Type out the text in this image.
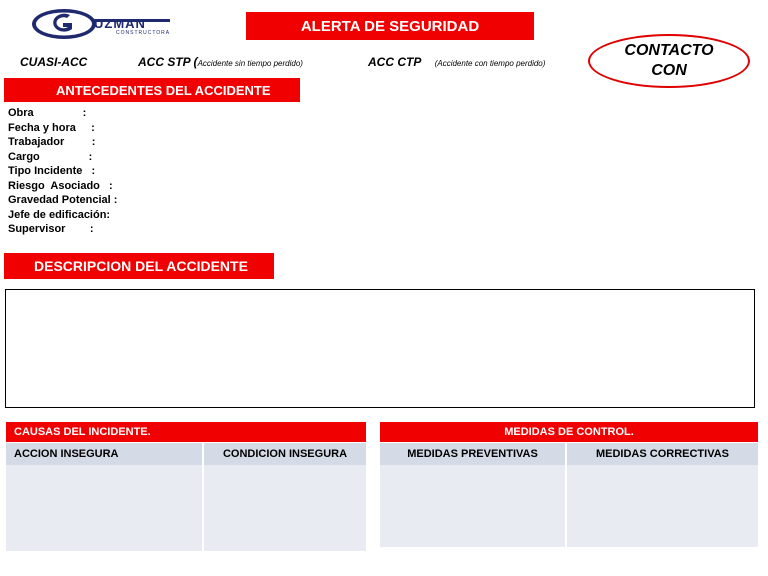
UZMAN
CONSTRUCTORA	ALERTA DE SEGURIDAD
CUASI-ACC	ACC STP (Accidente sin tiempo perdido)	ACC CTP (Accidente con tiempo perdido)
CONTACTO
CON
ANTECEDENTES DEL ACCIDENTE
Obra                :
Fecha y hora     :
Trabajador         :
Cargo                :
Tipo Incidente   :
Riesgo  Asociado   :
Gravedad Potencial :
Jefe de edificación:
Supervisor        :
DESCRIPCION DEL ACCIDENTE
CAUSAS DEL INCIDENTE.
ACCION INSEGURA	CONDICION INSEGURA
MEDIDAS DE CONTROL.
MEDIDAS PREVENTIVAS	MEDIDAS CORRECTIVAS
